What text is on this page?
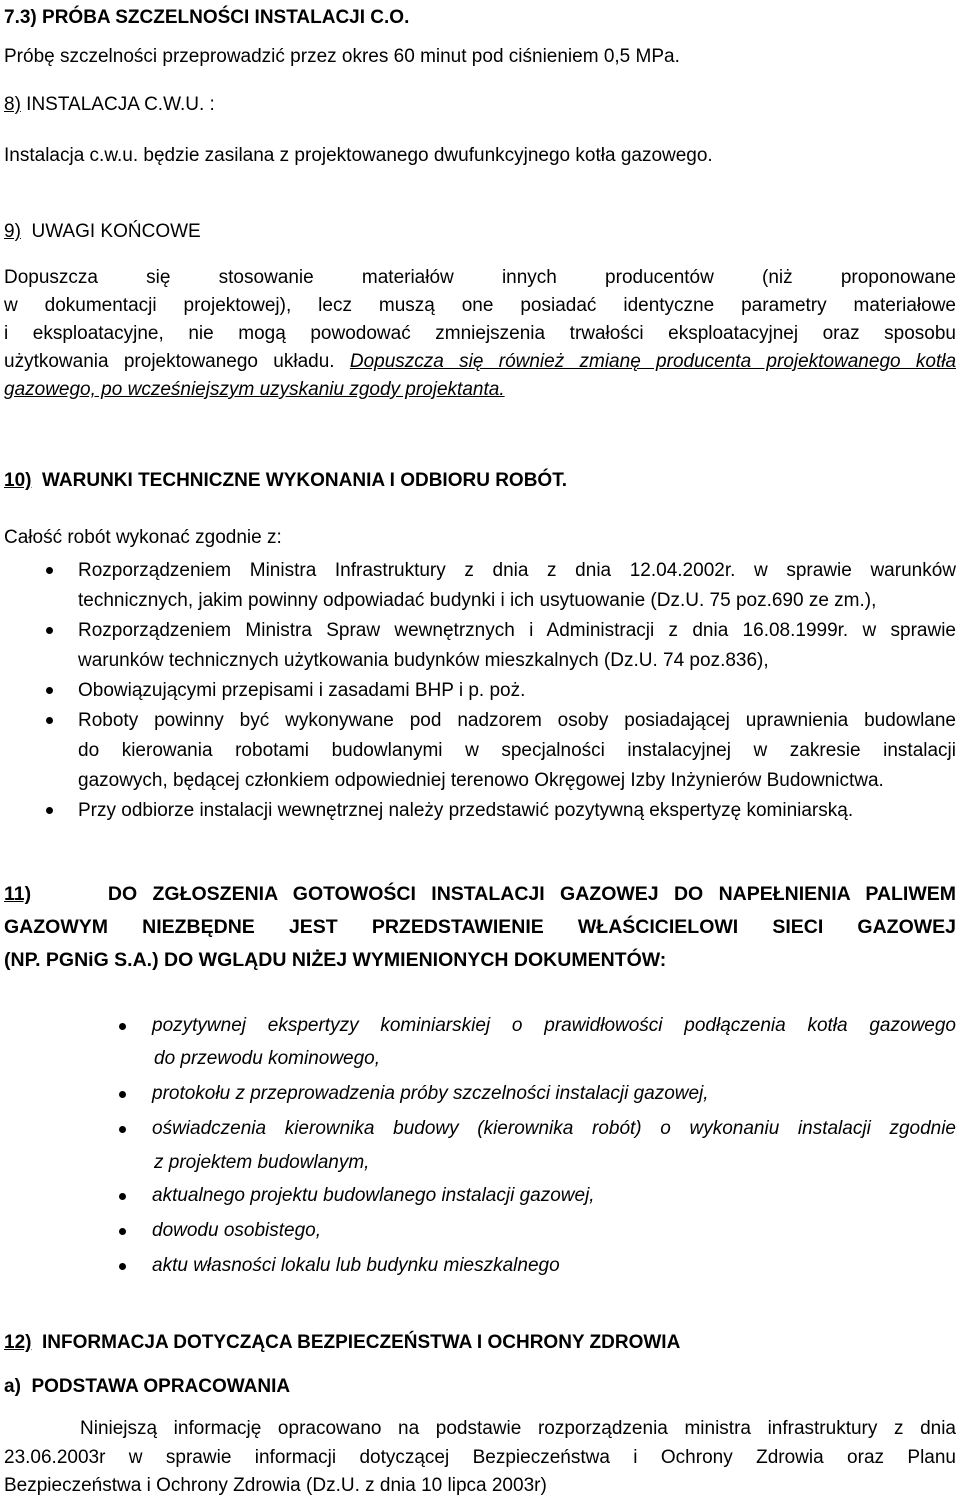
7.3) PRÓBA SZCZELNOŚCI INSTALACJI C.O.
Próbę szczelności przeprowadzić przez okres 60 minut pod ciśnieniem 0,5 MPa.
8) INSTALACJA C.W.U. :
Instalacja c.w.u. będzie zasilana z projektowanego dwufunkcyjnego kotła gazowego.
9) UWAGI KOŃCOWE
Dopuszcza się stosowanie materiałów innych producentów (niż proponowane
w dokumentacji projektowej), lecz muszą one posiadać identyczne parametry materiałowe
i eksploatacyjne, nie mogą powodować zmniejszenia trwałości eksploatacyjnej oraz sposobu
użytkowania projektowanego układu. Dopuszcza się również zmianę producenta projektowanego kotła
gazowego, po wcześniejszym uzyskaniu zgody projektanta.
10) WARUNKI TECHNICZNE WYKONANIA I ODBIORU ROBÓT.
Całość robót wykonać zgodnie z:
Rozporządzeniem Ministra Infrastruktury z dnia z dnia 12.04.2002r. w sprawie warunków
technicznych, jakim powinny odpowiadać budynki i ich usytuowanie (Dz.U. 75 poz.690 ze zm.),
Rozporządzeniem Ministra Spraw wewnętrznych i Administracji z dnia 16.08.1999r. w sprawie
warunków technicznych użytkowania budynków mieszkalnych (Dz.U. 74 poz.836),
Obowiązującymi przepisami i zasadami BHP i p. poż.
Roboty powinny być wykonywane pod nadzorem osoby posiadającej uprawnienia budowlane
do kierowania robotami budowlanymi w specjalności instalacyjnej w zakresie instalacji
gazowych, będącej członkiem odpowiedniej terenowo Okręgowej Izby Inżynierów Budownictwa.
Przy odbiorze instalacji wewnętrznej należy przedstawić pozytywną ekspertyzę kominiarską.
11)	DO ZGŁOSZENIA GOTOWOŚCI INSTALACJI GAZOWEJ DO NAPEŁNIENIA PALIWEM
GAZOWYM NIEZBĘDNE JEST PRZEDSTAWIENIE WŁAŚCICIELOWI SIECI GAZOWEJ
(NP. PGNiG S.A.) DO WGLĄDU NIŻEJ WYMIENIONYCH DOKUMENTÓW:
pozytywnej ekspertyzy kominiarskiej o prawidłowości podłączenia kotła gazowego
do przewodu kominowego,
protokołu z przeprowadzenia próby szczelności instalacji gazowej,
oświadczenia kierownika budowy (kierownika robót) o wykonaniu instalacji zgodnie
z projektem budowlanym,
aktualnego projektu budowlanego instalacji gazowej,
dowodu osobistego,
aktu własności lokalu lub budynku mieszkalnego
12) INFORMACJA DOTYCZĄCA BEZPIECZEŃSTWA I OCHRONY ZDROWIA
a) PODSTAWA OPRACOWANIA
Niniejszą informację opracowano na podstawie rozporządzenia ministra infrastruktury z dnia
23.06.2003r w sprawie informacji dotyczącej Bezpieczeństwa i Ochrony Zdrowia oraz Planu
Bezpieczeństwa i Ochrony Zdrowia (Dz.U. z dnia 10 lipca 2003r)
